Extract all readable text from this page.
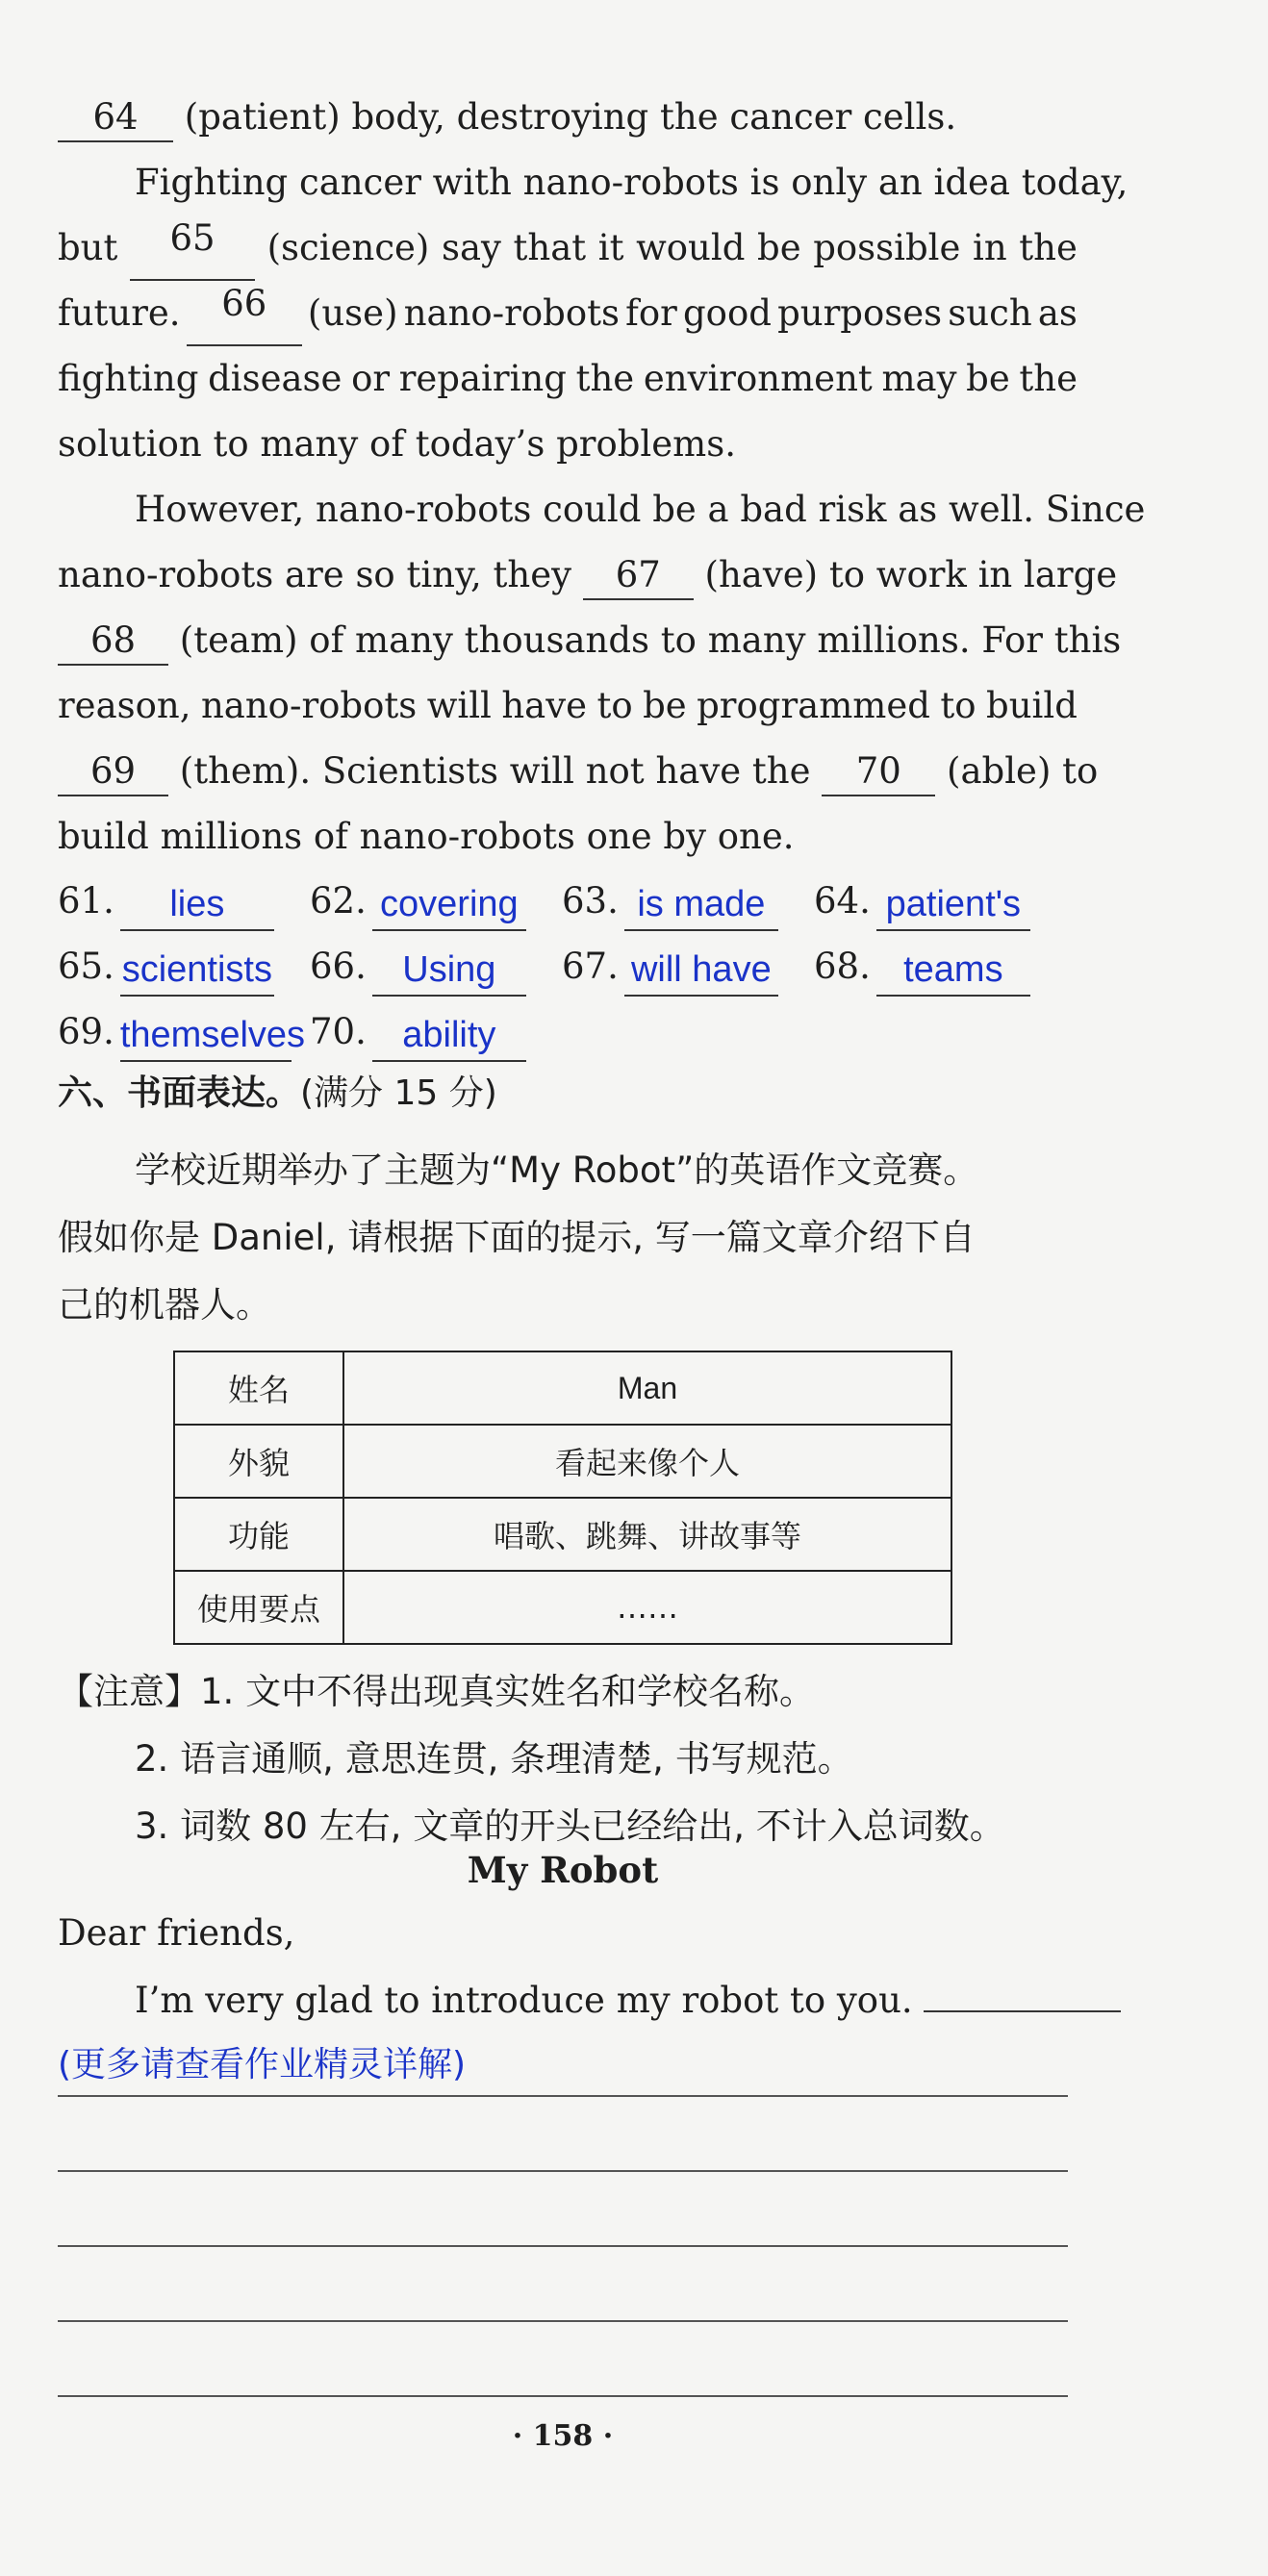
64 (patient) body, destroying the cancer cells.
Fighting cancer with nano-robots is only an idea today,
but	65	(science) say that it would be possible in the
future.	66	(use) nano-robots for good purposes such as
fighting disease or repairing the environment may be the
solution to many of today’s problems.
However, nano-robots could be a bad risk as well. Since
nano-robots are so tiny, they 67 (have) to work in large
68 (team) of many thousands to many millions. For this
reason, nano-robots will have to be programmed to build
69 (them). Scientists will not have the 70 (able) to
build millions of nano-robots one by one.
61.	lies	62. covering 63. is made	64. patient's
65. scientists 66. Using	67. will have 68. teams
69. themselves 70. ability
六、书面表达。(满分 15 分)
学校近期举办了主题为“My Robot”的英语作文竞赛。
假如你是 Daniel, 请根据下面的提示, 写一篇文章介绍下自
己的机器人。
姓名	Man
外貌	看起来像个人
功能	唱歌、跳舞、讲故事等
使用要点	……
【注意】1. 文中不得出现真实姓名和学校名称。
2. 语言通顺, 意思连贯, 条理清楚, 书写规范。
3. 词数 80 左右, 文章的开头已经给出, 不计入总词数。
My Robot
Dear friends,
I’m very glad to introduce my robot to you.
(更多请查看作业精灵详解)
· 158 ·
